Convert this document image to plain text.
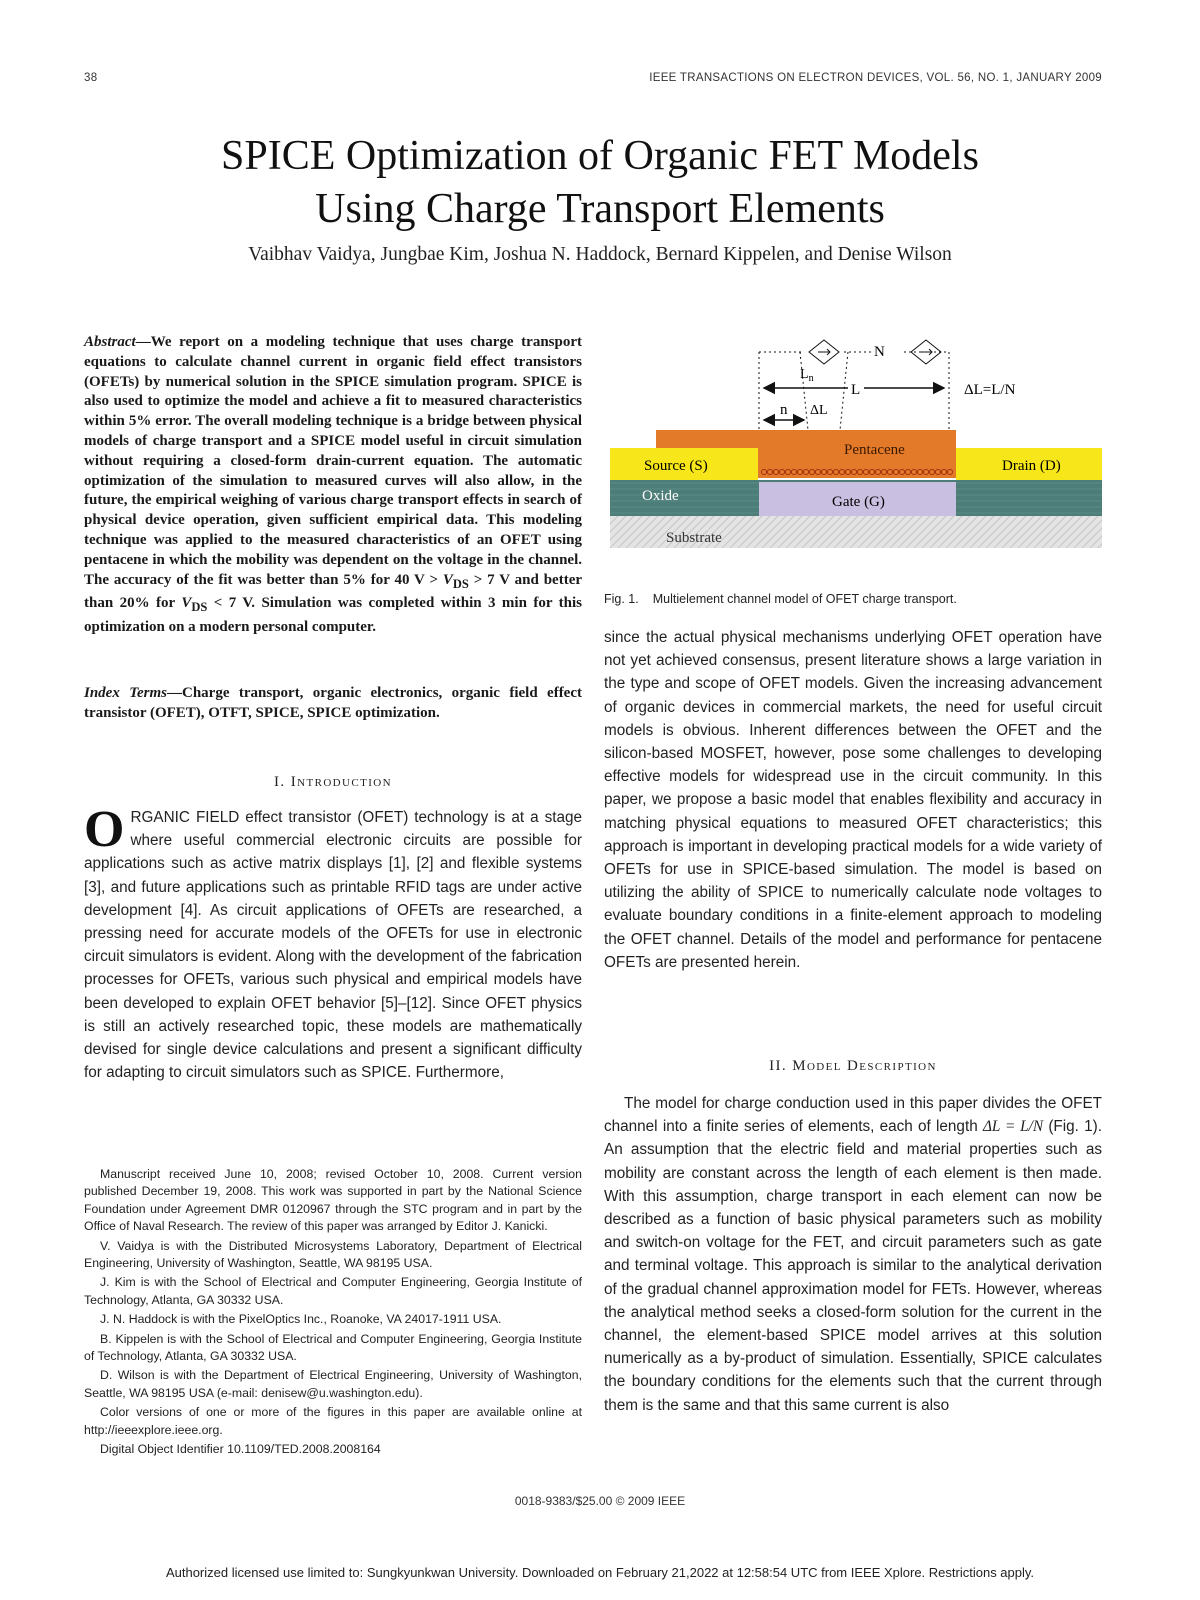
38	IEEE TRANSACTIONS ON ELECTRON DEVICES, VOL. 56, NO. 1, JANUARY 2009
SPICE Optimization of Organic FET Models
Using Charge Transport Elements
Vaibhav Vaidya, Jungbae Kim, Joshua N. Haddock, Bernard Kippelen, and Denise Wilson

Abstract—We report on a modeling technique that uses charge transport equations to calculate channel current in organic field effect transistors (OFETs) by numerical solution in the SPICE simulation program. SPICE is also used to optimize the model and achieve a fit to measured characteristics within 5% error. The overall modeling technique is a bridge between physical models of charge transport and a SPICE model useful in circuit simulation without requiring a closed-form drain-current equation. The automatic optimization of the simulation to measured curves will also allow, in the future, the empirical weighing of various charge transport effects in search of physical device operation, given sufficient empirical data. This modeling technique was applied to the measured characteristics of an OFET using pentacene in which the mobility was dependent on the voltage in the channel. The accuracy of the fit was better than 5% for 40 $V > V_{DS} > 7$ V and better than 20% for $V_{DS} < 7$ V. Simulation was completed within 3 min for this optimization on a modern personal computer.

Index Terms—Charge transport, organic electronics, organic field effect transistor (OFET), OTFT, SPICE, SPICE optimization.

I. Introduction

ORGANIC FIELD effect transistor (OFET) technology is at a stage where useful commercial electronic circuits are possible for applications such as active matrix displays [1], [2] and flexible systems [3], and future applications such as printable RFID tags are under active development [4]. As circuit applications of OFETs are researched, a pressing need for accurate models of the OFETs for use in electronic circuit simulators is evident. Along with the development of the fabrication processes for OFETs, various such physical and empirical models have been developed to explain OFET behavior [5]–[12]. Since OFET physics is still an actively researched topic, these models are mathematically devised for single device calculations and present a significant difficulty for adapting to circuit simulators such as SPICE. Furthermore,

Manuscript received June 10, 2008; revised October 10, 2008. Current version published December 19, 2008. This work was supported in part by the National Science Foundation under Agreement DMR 0120967 through the STC program and in part by the Office of Naval Research. The review of this paper was arranged by Editor J. Kanicki.

V. Vaidya is with the Distributed Microsystems Laboratory, Department of Electrical Engineering, University of Washington, Seattle, WA 98195 USA.

J. Kim is with the School of Electrical and Computer Engineering, Georgia Institute of Technology, Atlanta, GA 30332 USA.

J. N. Haddock is with the PixelOptics Inc., Roanoke, VA 24017-1911 USA.

B. Kippelen is with the School of Electrical and Computer Engineering, Georgia Institute of Technology, Atlanta, GA 30332 USA.

D. Wilson is with the Department of Electrical Engineering, University of Washington, Seattle, WA 98195 USA (e-mail: denisew@u.washington.edu).

Color versions of one or more of the figures in this paper are available online at http://ieeexplore.ieee.org.

Digital Object Identifier 10.1109/TED.2008.2008164

N
$L_n$
L	ΔL=L/N
n ΔL
Pentacene
Source (S)	Drain (D)
Oxide	Gate (G)
Substrate
Fig. 1. Multielement channel model of OFET charge transport.

since the actual physical mechanisms underlying OFET operation have not yet achieved consensus, present literature shows a large variation in the type and scope of OFET models. Given the increasing advancement of organic devices in commercial markets, the need for useful circuit models is obvious. Inherent differences between the OFET and the silicon-based MOSFET, however, pose some challenges to developing effective models for widespread use in the circuit community. In this paper, we propose a basic model that enables flexibility and accuracy in matching physical equations to measured OFET characteristics; this approach is important in developing practical models for a wide variety of OFETs for use in SPICE-based simulation. The model is based on utilizing the ability of SPICE to numerically calculate node voltages to evaluate boundary conditions in a finite-element approach to modeling the OFET channel. Details of the model and performance for pentacene OFETs are presented herein.

II. Model Description

The model for charge conduction used in this paper divides the OFET channel into a finite series of elements, each of length ΔL = L/N (Fig. 1). An assumption that the electric field and material properties such as mobility are constant across the length of each element is then made. With this assumption, charge transport in each element can now be described as a function of basic physical parameters such as mobility and switch-on voltage for the FET, and circuit parameters such as gate and terminal voltage. This approach is similar to the analytical derivation of the gradual channel approximation model for FETs. However, whereas the analytical method seeks a closed-form solution for the current in the channel, the element-based SPICE model arrives at this solution numerically as a by-product of simulation. Essentially, SPICE calculates the boundary conditions for the elements such that the current through them is the same and that this same current is also

0018-9383/$25.00 © 2009 IEEE
Authorized licensed use limited to: Sungkyunkwan University. Downloaded on February 21,2022 at 12:58:54 UTC from IEEE Xplore. Restrictions apply.
